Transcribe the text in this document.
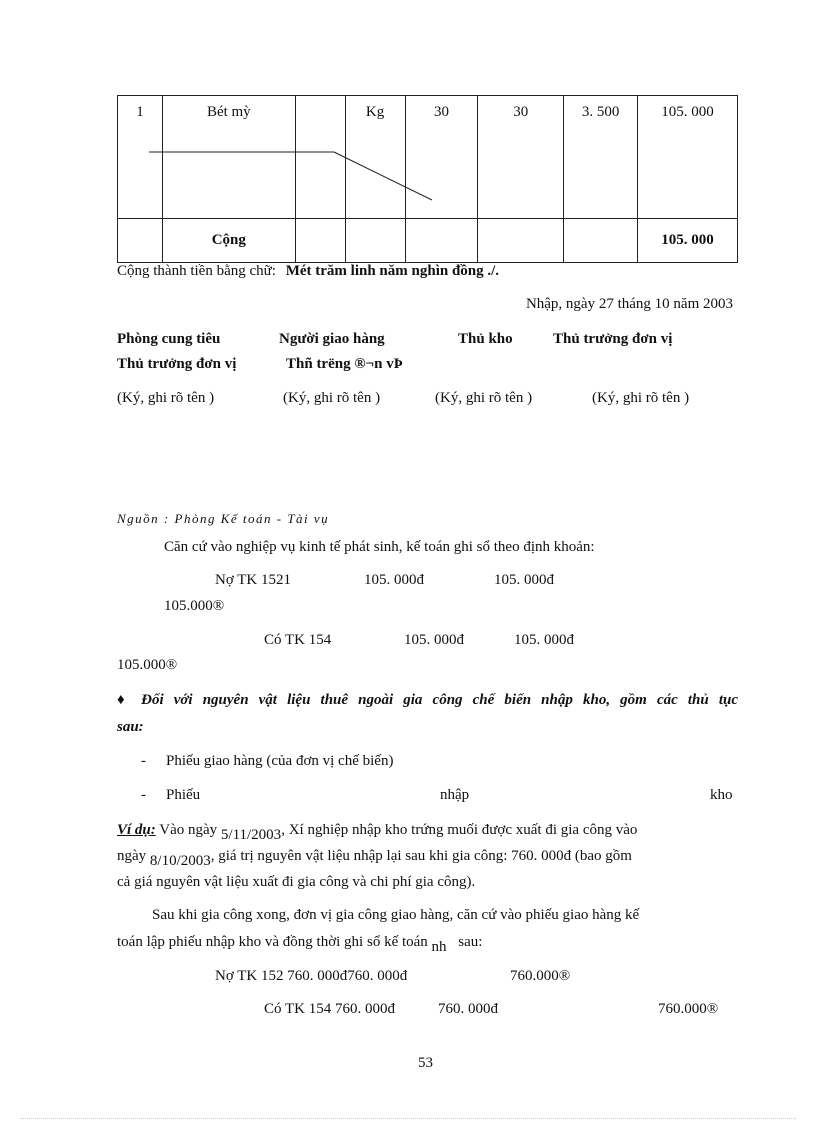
1	Bét mỳ		Kg	30	30	3. 500	105. 000
	Cộng						105. 000
Cộng thành tiền bằng chữ: Mét trăm linh năm nghìn đồng ./.
Nhập, ngày 27 tháng 10 năm 2003
Phòng cung tiêu	Người giao hàng	Thủ kho	Thủ trưởng đơn vị
Thủ trưởng đơn vị	Thñ trëng ®¬n vÞ
(Ký, ghi rõ tên )	(Ký, ghi rõ tên )	(Ký, ghi rõ tên )	(Ký, ghi rõ tên )
Nguồn : Phòng Kế toán - Tài vụ
Căn cứ vào nghiệp vụ kinh tế phát sinh, kế toán ghi sổ theo định khoản:
Nợ TK 1521	105. 000đ	105. 000đ
105.000®
Có TK 154	105. 000đ	105. 000đ
105.000®
♦ Đối với nguyên vật liệu thuê ngoài gia công chế biến nhập kho, gồm các thủ tục
sau:
- Phiếu giao hàng (của đơn vị chế biến)
- Phiếu	nhập	kho
Ví dụ: Vào ngày 5/11/2003, Xí nghiệp nhập kho trứng muối được xuất đi gia công vào
ngày 8/10/2003, giá trị nguyên vật liệu nhập lại sau khi gia công: 760. 000đ (bao gồm
cả giá nguyên vật liệu xuất đi gia công và chi phí gia công).
Sau khi gia công xong, đơn vị gia công giao hàng, căn cứ vào phiếu giao hàng kế
toán lập phiếu nhập kho và đồng thời ghi sổ kế toán nh sau:
Nợ TK 152 760. 000đ760. 000đ	760.000®
Có TK 154 760. 000đ	760. 000đ	760.000®
53
